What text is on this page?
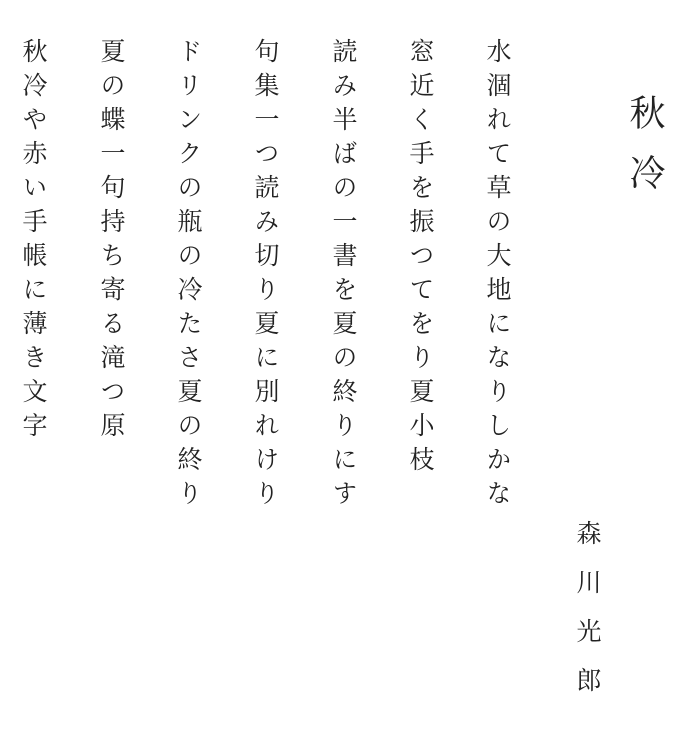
秋冷
森川光郎
水涸れて草の大地になりしかな
窓近く手を振つてをり夏小枝
読み半ばの一書を夏の終りにす
句集一つ読み切り夏に別れけり
ドリンクの瓶の冷たさ夏の終り
夏の蝶一句持ち寄る滝つ原
秋冷や赤い手帳に薄き文字
